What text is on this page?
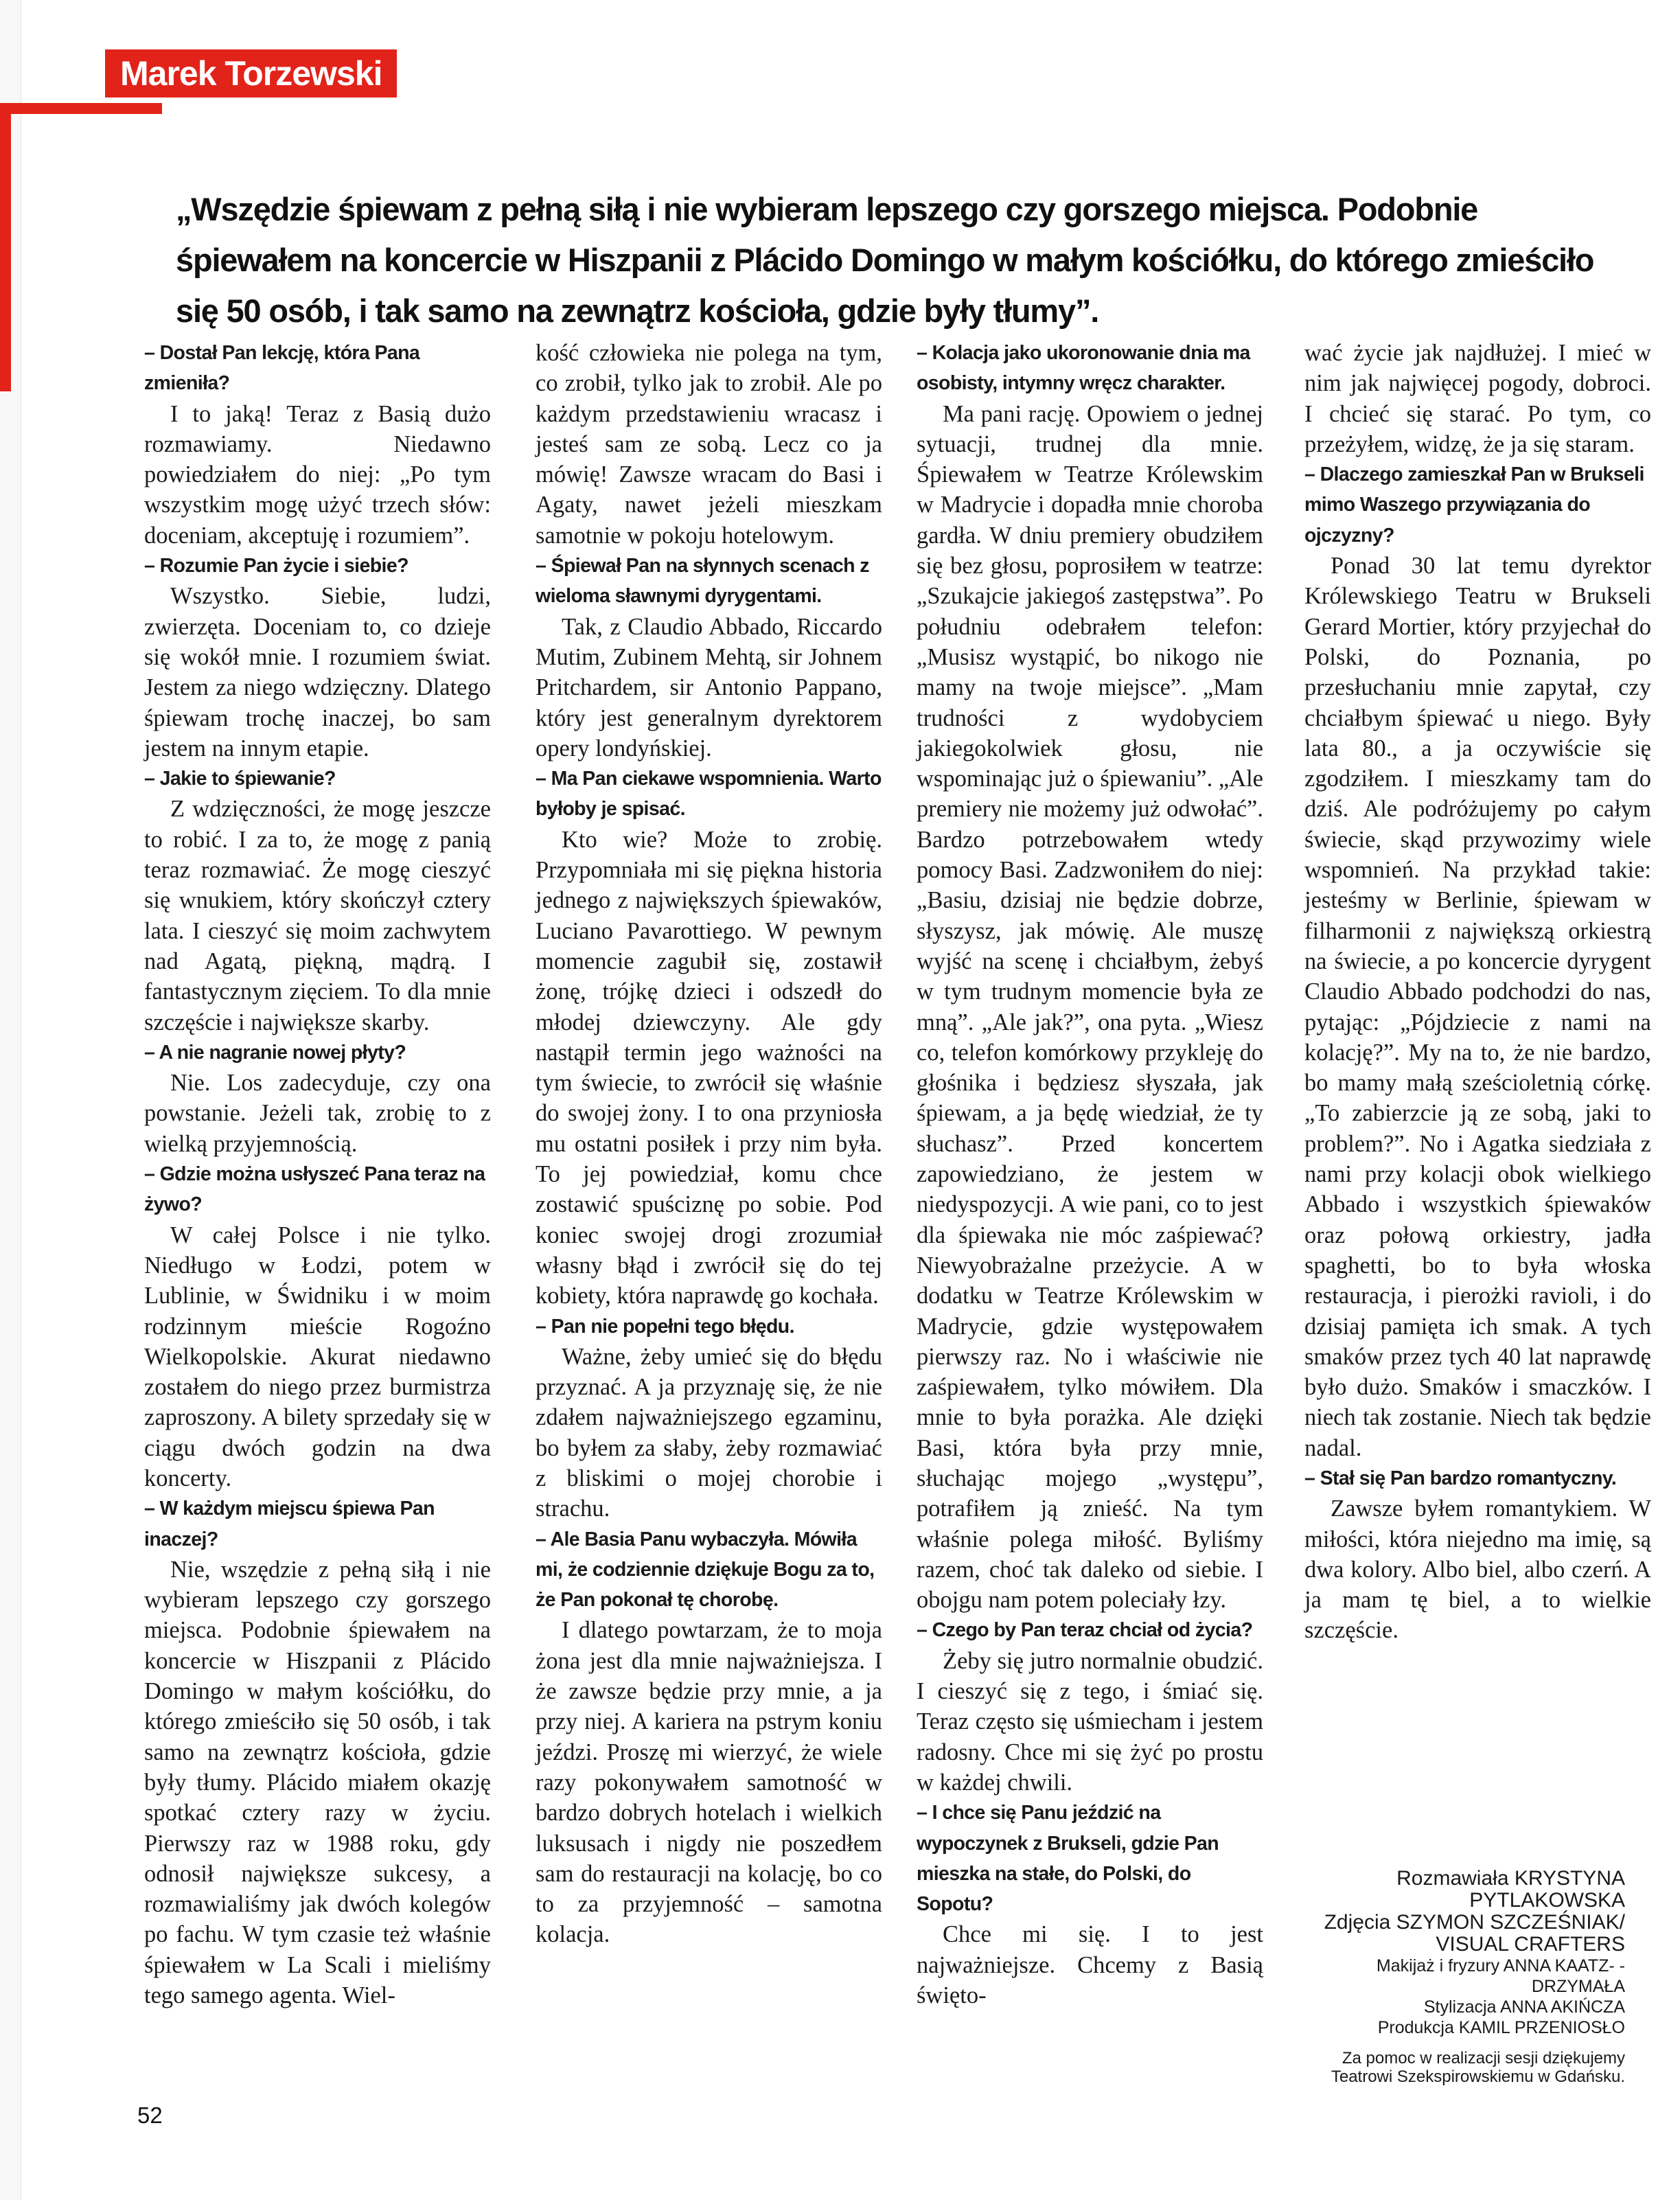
Marek Torzewski
„Wszędzie śpiewam z pełną siłą i nie wybieram lepszego czy gorszego miejsca. Podobnie śpiewałem na koncercie w Hiszpanii z Plácido Domingo w małym kościółku, do którego zmieściło się 50 osób, i tak samo na zewnątrz kościoła, gdzie były tłumy”.

– Dostał Pan lekcję, która Pana zmieniła?

I to jaką! Teraz z Basią dużo rozmawiamy. Niedawno powiedziałem do niej: „Po tym wszystkim mogę użyć trzech słów: doceniam, akceptuję i rozumiem”.

– Rozumie Pan życie i siebie?

Wszystko. Siebie, ludzi, zwierzęta. Doceniam to, co dzieje się wokół mnie. I rozumiem świat. Jestem za niego wdzięczny. Dlatego śpiewam trochę inaczej, bo sam jestem na innym etapie.

– Jakie to śpiewanie?

Z wdzięczności, że mogę jeszcze to robić. I za to, że mogę z panią teraz rozmawiać. Że mogę cieszyć się wnukiem, który skończył cztery lata. I cieszyć się moim zachwytem nad Agatą, piękną, mądrą. I fantastycznym zięciem. To dla mnie szczęście i największe skarby.

– A nie nagranie nowej płyty?

Nie. Los zadecyduje, czy ona powstanie. Jeżeli tak, zrobię to z wielką przyjemnością.

– Gdzie można usłyszeć Pana teraz na żywo?

W całej Polsce i nie tylko. Niedługo w Łodzi, potem w Lublinie, w Świdniku i w moim rodzinnym mieście Rogoźno Wielkopolskie. Akurat niedawno zostałem do niego przez burmistrza zaproszony. A bilety sprzedały się w ciągu dwóch godzin na dwa koncerty.

– W każdym miejscu śpiewa Pan inaczej?

Nie, wszędzie z pełną siłą i nie wybieram lepszego czy gorszego miejsca. Podobnie śpiewałem na koncercie w Hiszpanii z Plácido Domingo w małym kościółku, do którego zmieściło się 50 osób, i tak samo na zewnątrz kościoła, gdzie były tłumy. Plácido miałem okazję spotkać cztery razy w życiu. Pierwszy raz w 1988 roku, gdy odnosił największe sukcesy, a rozmawialiśmy jak dwóch kolegów po fachu. W tym czasie też właśnie śpiewałem w La Scali i mieliśmy tego samego agenta. Wiel-

kość człowieka nie polega na tym, co zrobił, tylko jak to zrobił. Ale po każdym przedstawieniu wracasz i jesteś sam ze sobą. Lecz co ja mówię! Zawsze wracam do Basi i Agaty, nawet jeżeli mieszkam samotnie w pokoju hotelowym.

– Śpiewał Pan na słynnych scenach z wieloma sławnymi dyrygentami.

Tak, z Claudio Abbado, Riccardo Mutim, Zubinem Mehtą, sir Johnem Pritchardem, sir Antonio Pappano, który jest generalnym dyrektorem opery londyńskiej.

– Ma Pan ciekawe wspomnienia. Warto byłoby je spisać.

Kto wie? Może to zrobię. Przypomniała mi się piękna historia jednego z największych śpiewaków, Luciano Pavarottiego. W pewnym momencie zagubił się, zostawił żonę, trójkę dzieci i odszedł do młodej dziewczyny. Ale gdy nastąpił termin jego ważności na tym świecie, to zwrócił się właśnie do swojej żony. I to ona przyniosła mu ostatni posiłek i przy nim była. To jej powiedział, komu chce zostawić spuściznę po sobie. Pod koniec swojej drogi zrozumiał własny błąd i zwrócił się do tej kobiety, która naprawdę go kochała.

– Pan nie popełni tego błędu.

Ważne, żeby umieć się do błędu przyznać. A ja przyznaję się, że nie zdałem najważniejszego egzaminu, bo byłem za słaby, żeby rozmawiać z bliskimi o mojej chorobie i strachu.

– Ale Basia Panu wybaczyła. Mówiła mi, że codziennie dziękuje Bogu za to, że Pan pokonał tę chorobę.

I dlatego powtarzam, że to moja żona jest dla mnie najważniejsza. I że zawsze będzie przy mnie, a ja przy niej. A kariera na pstrym koniu jeździ. Proszę mi wierzyć, że wiele razy pokonywałem samotność w bardzo dobrych hotelach i wielkich luksusach i nigdy nie poszedłem sam do restauracji na kolację, bo co to za przyjemność – samotna kolacja.

– Kolacja jako ukoronowanie dnia ma osobisty, intymny wręcz charakter.

Ma pani rację. Opowiem o jednej sytuacji, trudnej dla mnie. Śpiewałem w Teatrze Królewskim w Madrycie i dopadła mnie choroba gardła. W dniu premiery obudziłem się bez głosu, poprosiłem w teatrze: „Szukajcie jakiegoś zastępstwa”. Po południu odebrałem telefon: „Musisz wystąpić, bo nikogo nie mamy na twoje miejsce”. „Mam trudności z wydobyciem jakiegokolwiek głosu, nie wspominając już o śpiewaniu”. „Ale premiery nie możemy już odwołać”. Bardzo potrzebowałem wtedy pomocy Basi. Zadzwoniłem do niej: „Basiu, dzisiaj nie będzie dobrze, słyszysz, jak mówię. Ale muszę wyjść na scenę i chciałbym, żebyś w tym trudnym momencie była ze mną”. „Ale jak?”, ona pyta. „Wiesz co, telefon komórkowy przykleję do głośnika i będziesz słyszała, jak śpiewam, a ja będę wiedział, że ty słuchasz”. Przed koncertem zapowiedziano, że jestem w niedyspozycji. A wie pani, co to jest dla śpiewaka nie móc zaśpiewać? Niewyobrażalne przeżycie. A w dodatku w Teatrze Królewskim w Madrycie, gdzie występowałem pierwszy raz. No i właściwie nie zaśpiewałem, tylko mówiłem. Dla mnie to była porażka. Ale dzięki Basi, która była przy mnie, słuchając mojego „występu”, potrafiłem ją znieść. Na tym właśnie polega miłość. Byliśmy razem, choć tak daleko od siebie. I obojgu nam potem poleciały łzy.

– Czego by Pan teraz chciał od życia?

Żeby się jutro normalnie obudzić. I cieszyć się z tego, i śmiać się. Teraz często się uśmiecham i jestem radosny. Chce mi się żyć po prostu w każdej chwili.

– I chce się Panu jeździć na wypoczynek z Brukseli, gdzie Pan mieszka na stałe, do Polski, do Sopotu?

Chce mi się. I to jest najważniejsze. Chcemy z Basią święto-

wać życie jak najdłużej. I mieć w nim jak najwięcej pogody, dobroci. I chcieć się starać. Po tym, co przeżyłem, widzę, że ja się staram.

– Dlaczego zamieszkał Pan w Brukseli mimo Waszego przywiązania do ojczyzny?

Ponad 30 lat temu dyrektor Królewskiego Teatru w Brukseli Gerard Mortier, który przyjechał do Polski, do Poznania, po przesłuchaniu mnie zapytał, czy chciałbym śpiewać u niego. Były lata 80., a ja oczywiście się zgodziłem. I mieszkamy tam do dziś. Ale podróżujemy po całym świecie, skąd przywozimy wiele wspomnień. Na przykład takie: jesteśmy w Berlinie, śpiewam w filharmonii z największą orkiestrą na świecie, a po koncercie dyrygent Claudio Abbado podchodzi do nas, pytając: „Pójdziecie z nami na kolację?”. My na to, że nie bardzo, bo mamy małą sześcioletnią córkę. „To zabierzcie ją ze sobą, jaki to problem?”. No i Agatka siedziała z nami przy kolacji obok wielkiego Abbado i wszystkich śpiewaków oraz połową orkiestry, jadła spaghetti, bo to była włoska restauracja, i pierożki ravioli, i do dzisiaj pamięta ich smak. A tych smaków przez tych 40 lat naprawdę było dużo. Smaków i smaczków. I niech tak zostanie. Niech tak będzie nadal.

– Stał się Pan bardzo romantyczny.

Zawsze byłem romantykiem. W miłości, która niejedno ma imię, są dwa kolory. Albo biel, albo czerń. A ja mam tę biel, a to wielkie szczęście.

Rozmawiała KRYSTYNA PYTLAKOWSKA

Zdjęcia SZYMON SZCZEŚNIAK/ VISUAL CRAFTERS

Makijaż i fryzury ANNA KAATZ- -DRZYMAŁA

Stylizacja ANNA AKIŃCZA

Produkcja KAMIL PRZENIOSŁO

Za pomoc w realizacji sesji dziękujemy Teatrowi Szekspirowskiemu w Gdańsku.

52
